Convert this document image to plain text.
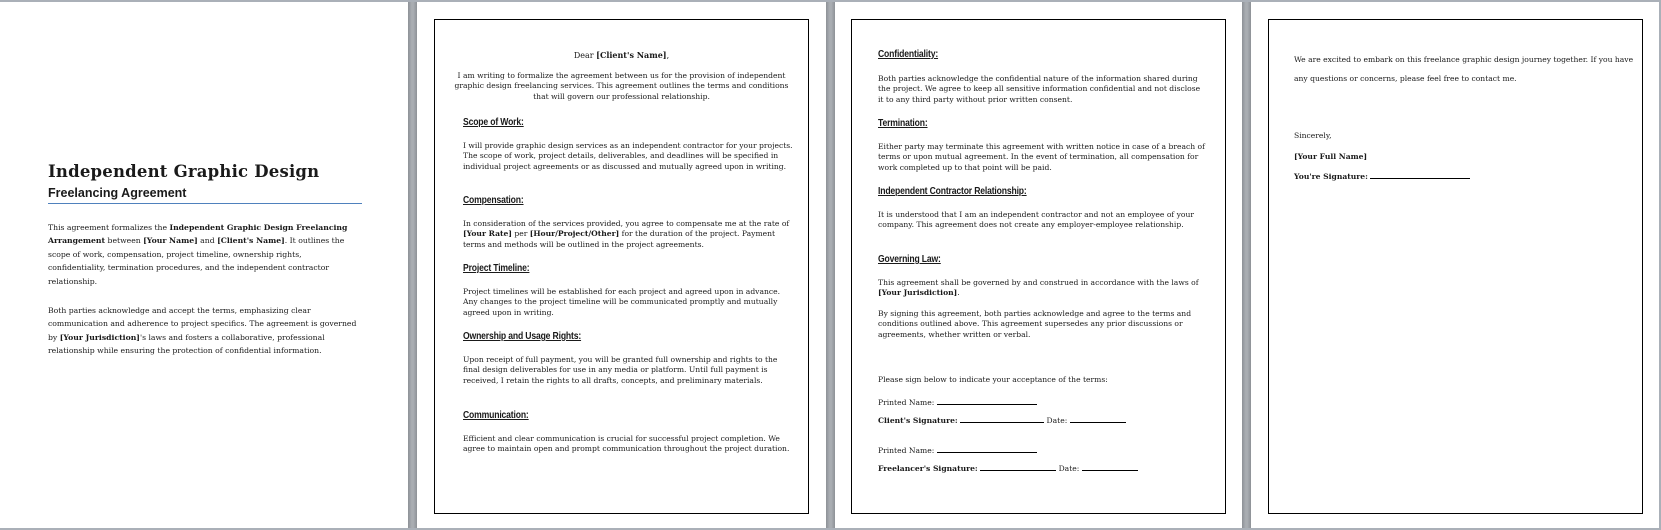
Independent Graphic Design
Freelancing Agreement

This agreement formalizes the Independent Graphic Design Freelancing Arrangement between [Your Name] and [Client's Name]. It outlines the scope of work, compensation, project timeline, ownership rights, confidentiality, termination procedures, and the independent contractor relationship.

Both parties acknowledge and accept the terms, emphasizing clear communication and adherence to project specifics. The agreement is governed by [Your Jurisdiction]'s laws and fosters a collaborative, professional relationship while ensuring the protection of confidential information.

Dear [Client's Name],

I am writing to formalize the agreement between us for the provision of independent graphic design freelancing services. This agreement outlines the terms and conditions that will govern our professional relationship.

Scope of Work:

I will provide graphic design services as an independent contractor for your projects. The scope of work, project details, deliverables, and deadlines will be specified in individual project agreements or as discussed and mutually agreed upon in writing.

Compensation:

In consideration of the services provided, you agree to compensate me at the rate of [Your Rate] per [Hour/Project/Other] for the duration of the project. Payment terms and methods will be outlined in the project agreements.

Project Timeline:

Project timelines will be established for each project and agreed upon in advance. Any changes to the project timeline will be communicated promptly and mutually agreed upon in writing.

Ownership and Usage Rights:

Upon receipt of full payment, you will be granted full ownership and rights to the final design deliverables for use in any media or platform. Until full payment is received, I retain the rights to all drafts, concepts, and preliminary materials.

Communication:

Efficient and clear communication is crucial for successful project completion. We agree to maintain open and prompt communication throughout the project duration.

Confidentiality:

Both parties acknowledge the confidential nature of the information shared during the project. We agree to keep all sensitive information confidential and not disclose it to any third party without prior written consent.

Termination:

Either party may terminate this agreement with written notice in case of a breach of terms or upon mutual agreement. In the event of termination, all compensation for work completed up to that point will be paid.

Independent Contractor Relationship:

It is understood that I am an independent contractor and not an employee of your company. This agreement does not create any employer-employee relationship.

Governing Law:

This agreement shall be governed by and construed in accordance with the laws of [Your Jurisdiction].

By signing this agreement, both parties acknowledge and agree to the terms and conditions outlined above. This agreement supersedes any prior discussions or agreements, whether written or verbal.

Please sign below to indicate your acceptance of the terms:

Printed Name:

Client's Signature:	Date:

Printed Name:

Freelancer's Signature:	Date:

We are excited to embark on this freelance graphic design journey together. If you have any questions or concerns, please feel free to contact me.

Sincerely,

[Your Full Name]

You're Signature:
